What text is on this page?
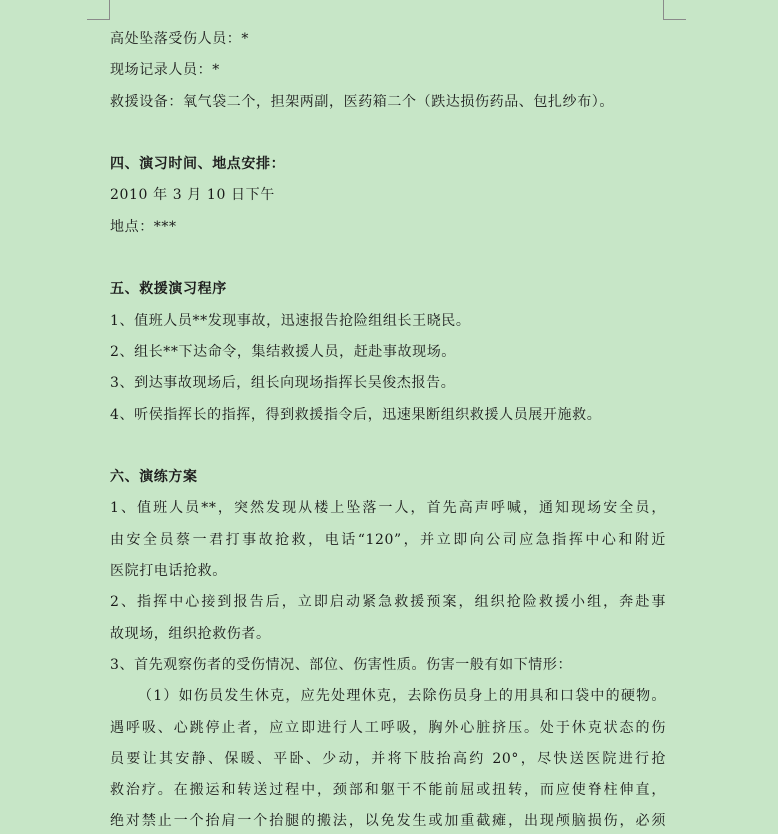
高处坠落受伤人员：*
现场记录人员：*
救援设备：氧气袋二个，担架两副，医药箱二个（跌达损伤药品、包扎纱布）。
四、演习时间、地点安排：
2010 年 3 月 10 日下午
地点：***
五、救援演习程序
1、值班人员**发现事故，迅速报告抢险组组长王晓民。
2、组长**下达命令，集结救援人员，赶赴事故现场。
3、到达事故现场后，组长向现场指挥长吴俊杰报告。
4、听侯指挥长的指挥，得到救援指令后，迅速果断组织救援人员展开施救。
六、演练方案
1、值班人员**，突然发现从楼上坠落一人，首先高声呼喊，通知现场安全员，
由安全员蔡一君打事故抢救，电话“120”，并立即向公司应急指挥中心和附近
医院打电话抢救。
2、指挥中心接到报告后，立即启动紧急救援预案，组织抢险救援小组，奔赴事
故现场，组织抢救伤者。
3、首先观察伤者的受伤情况、部位、伤害性质。伤害一般有如下情形：
（1）如伤员发生休克，应先处理休克，去除伤员身上的用具和口袋中的硬物。
遇呼吸、心跳停止者，应立即进行人工呼吸，胸外心脏挤压。处于休克状态的伤
员要让其安静、保暖、平卧、少动，并将下肢抬高约 20°，尽快送医院进行抢
救治疗。在搬运和转送过程中，颈部和躯干不能前屈或扭转，而应使脊柱伸直，
绝对禁止一个抬肩一个抬腿的搬法，以免发生或加重截瘫，出现颅脑损伤，必须
